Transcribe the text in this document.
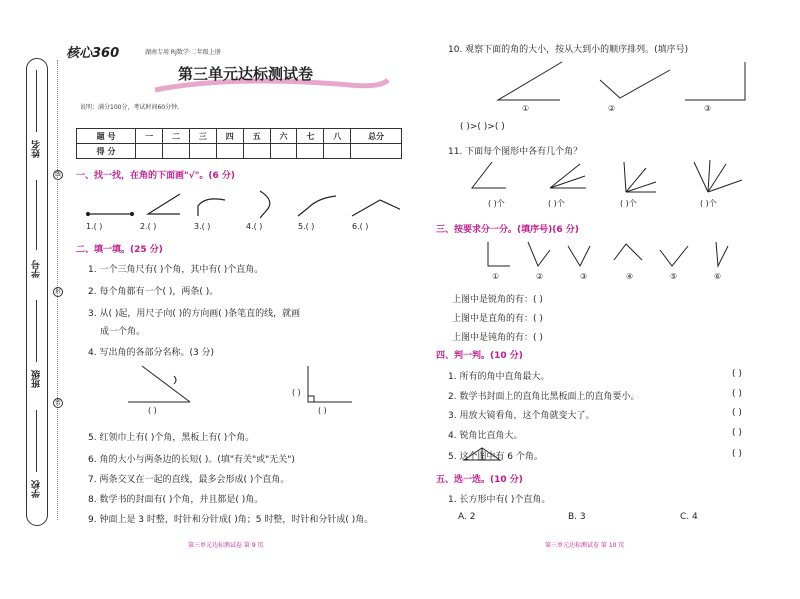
姓名
学号
班级
学校
线
封
密
核心360	湖南专用 RJ数学·二年级上册
第三单元达标测试卷
说明：满分100分，考试时间60分钟。
题 号	一	二	三	四	五	六	七	八	总分
得 分									
一、找一找，在角的下面画"√"。(6 分)
1.( )	2.( )	3.( )	4.( )	5.( )	6.( )
二、填一填。(25 分)
1. 一个三角尺有( )个角，其中有( )个直角。
2. 每个角都有一个( )，两条( )。
3. 从( )起，用尺子向( )的方向画( )条笔直的线，就画
成一个角。
4. 写出角的各部分名称。(3 分)
( )
( )
( )
5. 红领巾上有( )个角，黑板上有( )个角。
6. 角的大小与两条边的长短( )。(填"有关"或"无关")
7. 两条交叉在一起的直线，最多会形成( )个直角。
8. 数学书的封面有( )个角，并且都是( )角。
9. 钟面上是 3 时整，时针和分针成( )角；5 时整，时针和分针成( )角。
第三单元达标测试卷 第 9 页
10. 观察下面的角的大小，按从大到小的顺序排列。(填序号)
①	②	③
( )>( )>( )
11. 下面每个图形中各有几个角？
( )个	( )个	( )个	( )个
三、按要求分一分。(填序号)(6 分)
①	②	③	④	⑤	⑥
上图中是锐角的有：( )
上图中是直角的有：( )
上图中是钝角的有：( )
四、判一判。(10 分)
1. 所有的角中直角最大。	( )
2. 数学书封面上的直角比黑板面上的直角要小。	( )
3. 用放大镜看角，这个角就变大了。	( )
4. 锐角比直角大。	( )
5. 这个图中有 6 个角。	( )
五、选一选。(10 分)
1. 长方形中有( )个直角。
A. 2	B. 3	C. 4
第三单元达标测试卷 第 10 页
